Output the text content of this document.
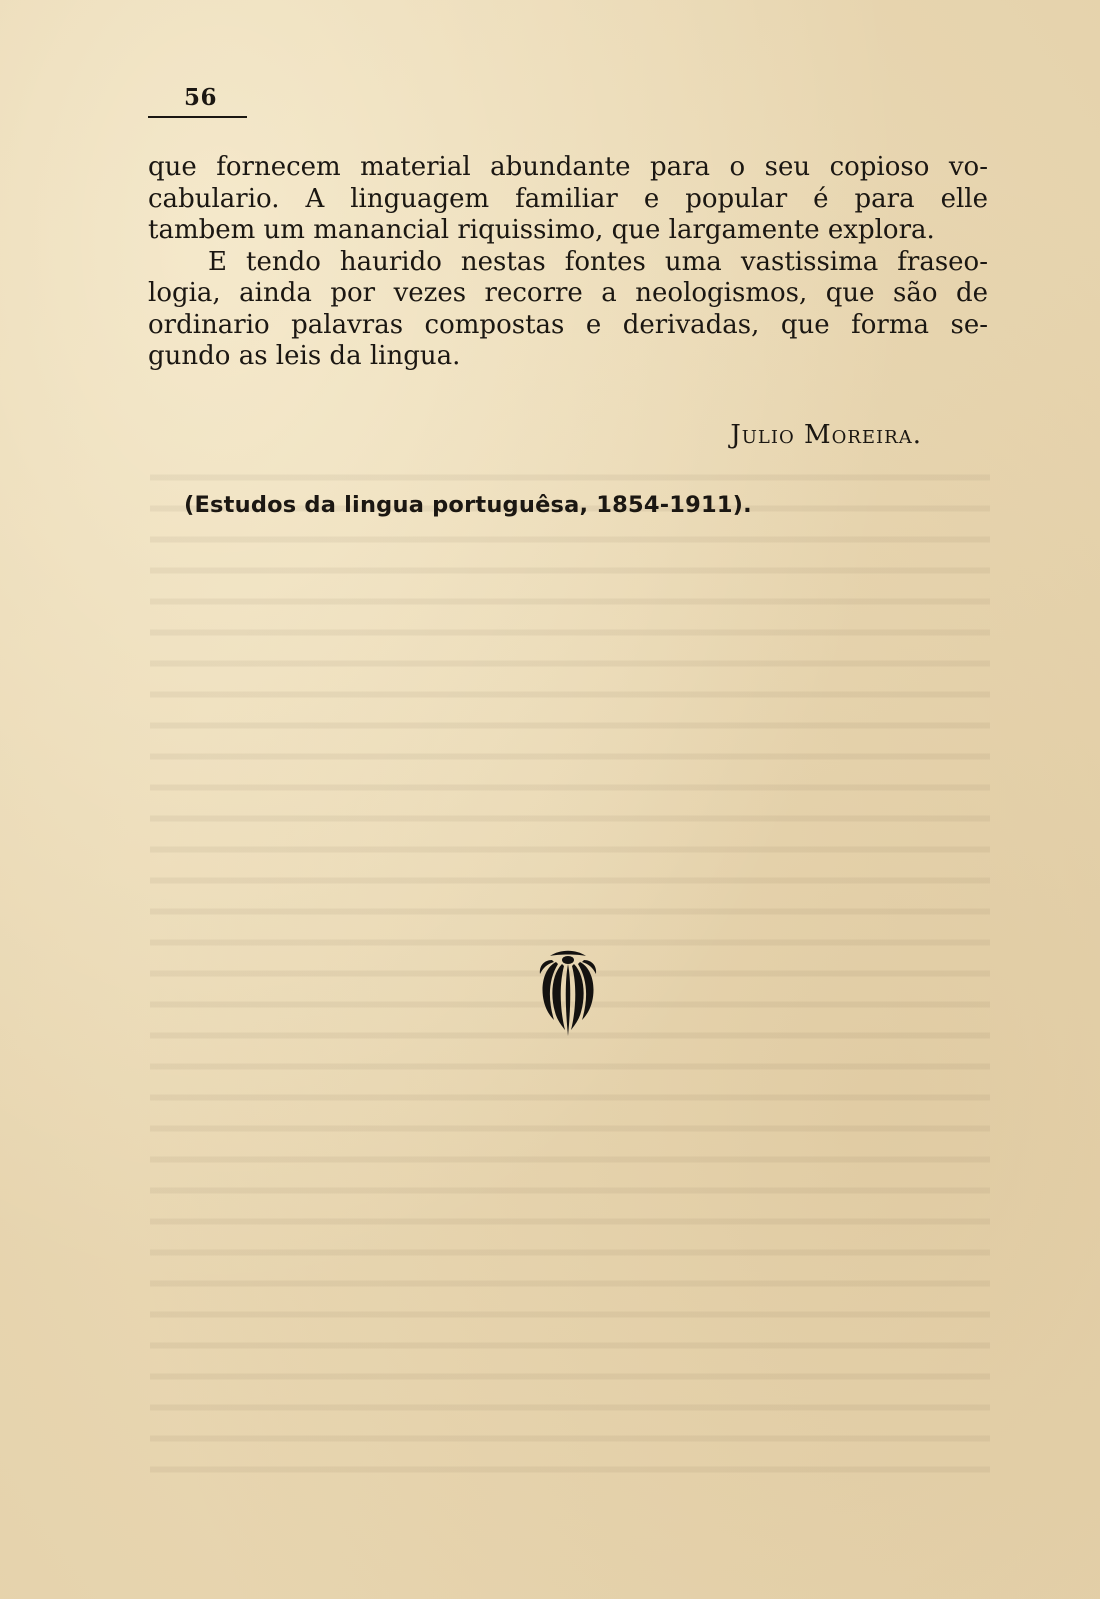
56
que fornecem material abundante para o seu copioso vo-
cabulario. A linguagem familiar e popular é para elle
tambem um manancial riquissimo, que largamente explora.
E tendo haurido nestas fontes uma vastissima fraseo-
logia, ainda por vezes recorre a neologismos, que são de
ordinario palavras compostas e derivadas, que forma se-
gundo as leis da lingua.
Julio Moreira.
(Estudos da lingua portuguêsa, 1854-1911).
